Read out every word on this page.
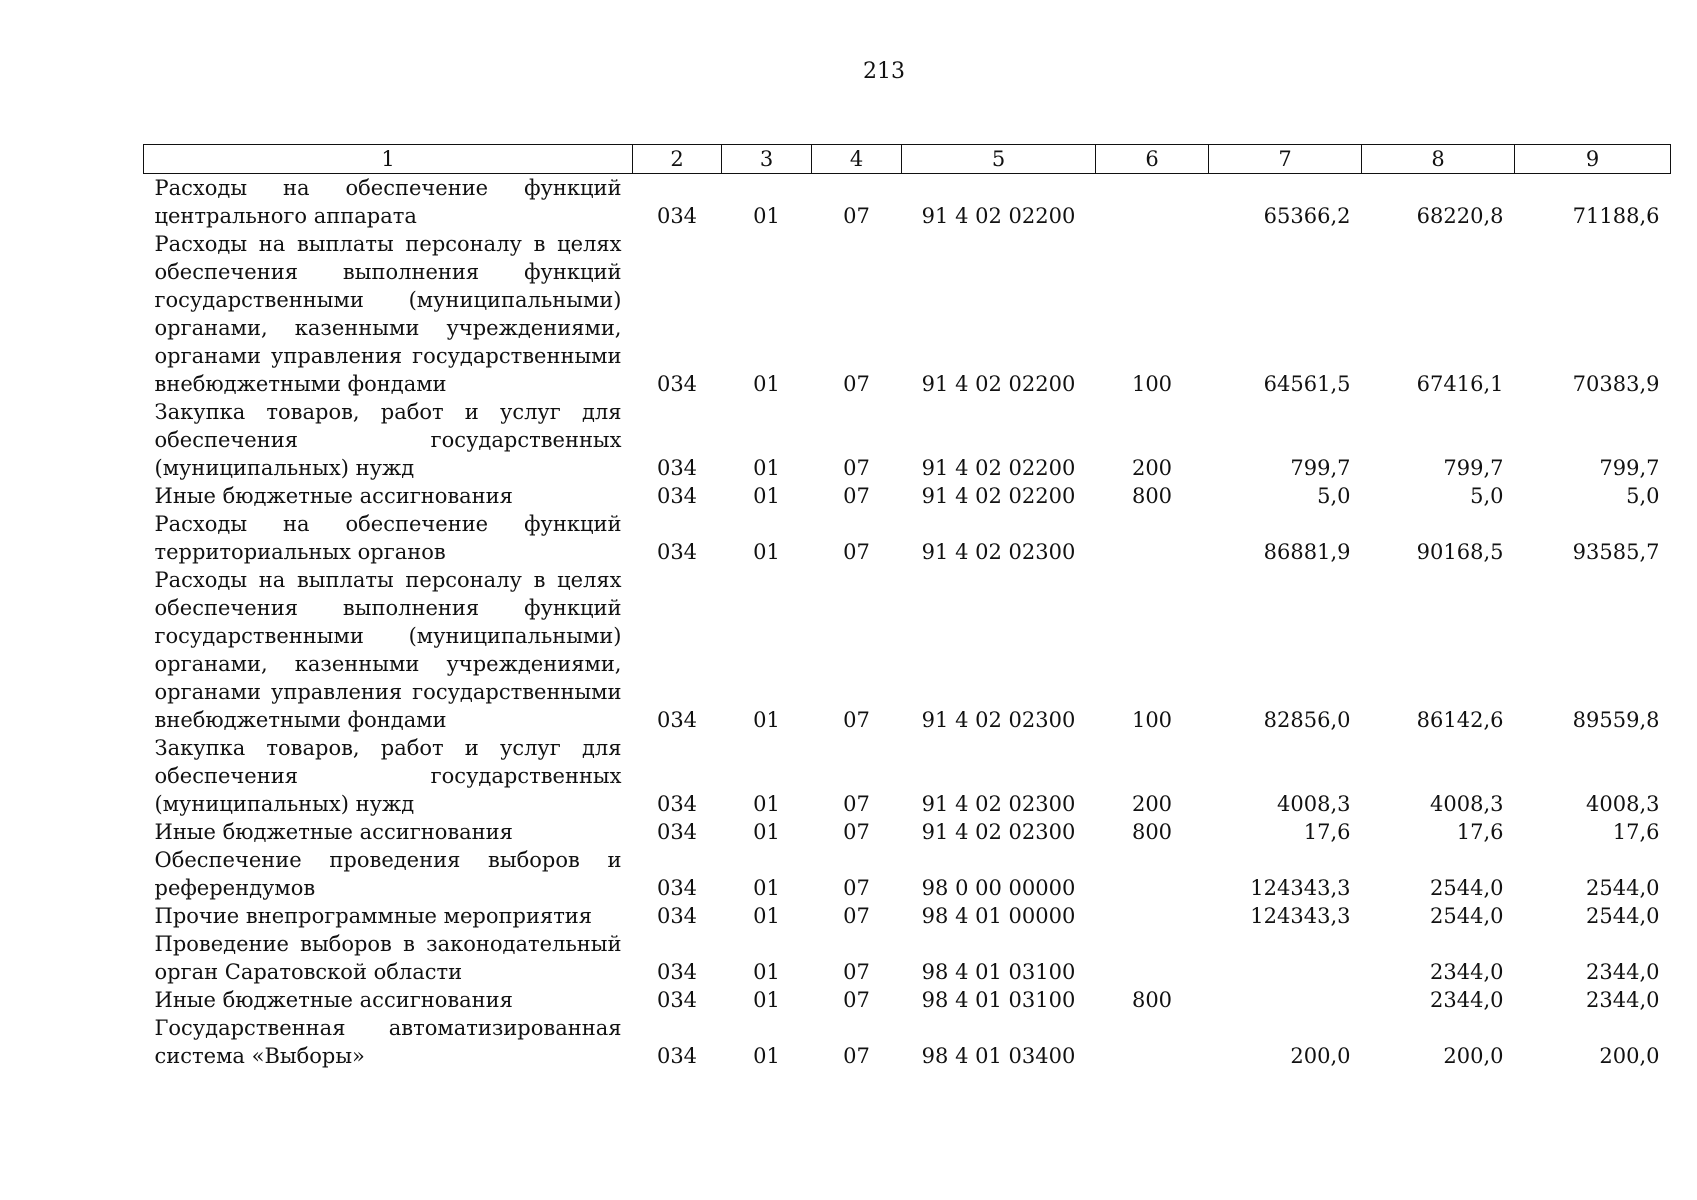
213
1	2	3	4	5	6	7	8	9
Расходы на обеспечение функций центрального аппарата	034	01	07	91 4 02 02200		65366,2	68220,8	71188,6
Расходы на выплаты персоналу в целях обеспечения выполнения функций государственными (муниципальными) органами, казенными учреждениями, органами управления государственными внебюджетными фондами	034	01	07	91 4 02 02200	100	64561,5	67416,1	70383,9
Закупка товаров, работ и услуг для обеспечения государственных (муниципальных) нужд	034	01	07	91 4 02 02200	200	799,7	799,7	799,7
Иные бюджетные ассигнования	034	01	07	91 4 02 02200	800	5,0	5,0	5,0
Расходы на обеспечение функций территориальных органов	034	01	07	91 4 02 02300		86881,9	90168,5	93585,7
Расходы на выплаты персоналу в целях обеспечения выполнения функций государственными (муниципальными) органами, казенными учреждениями, органами управления государственными внебюджетными фондами	034	01	07	91 4 02 02300	100	82856,0	86142,6	89559,8
Закупка товаров, работ и услуг для обеспечения государственных (муниципальных) нужд	034	01	07	91 4 02 02300	200	4008,3	4008,3	4008,3
Иные бюджетные ассигнования	034	01	07	91 4 02 02300	800	17,6	17,6	17,6
Обеспечение проведения выборов и референдумов	034	01	07	98 0 00 00000		124343,3	2544,0	2544,0
Прочие внепрограммные мероприятия	034	01	07	98 4 01 00000		124343,3	2544,0	2544,0
Проведение выборов в законодательный орган Саратовской области	034	01	07	98 4 01 03100			2344,0	2344,0
Иные бюджетные ассигнования	034	01	07	98 4 01 03100	800		2344,0	2344,0
Государственная автоматизированная система «Выборы»	034	01	07	98 4 01 03400		200,0	200,0	200,0
